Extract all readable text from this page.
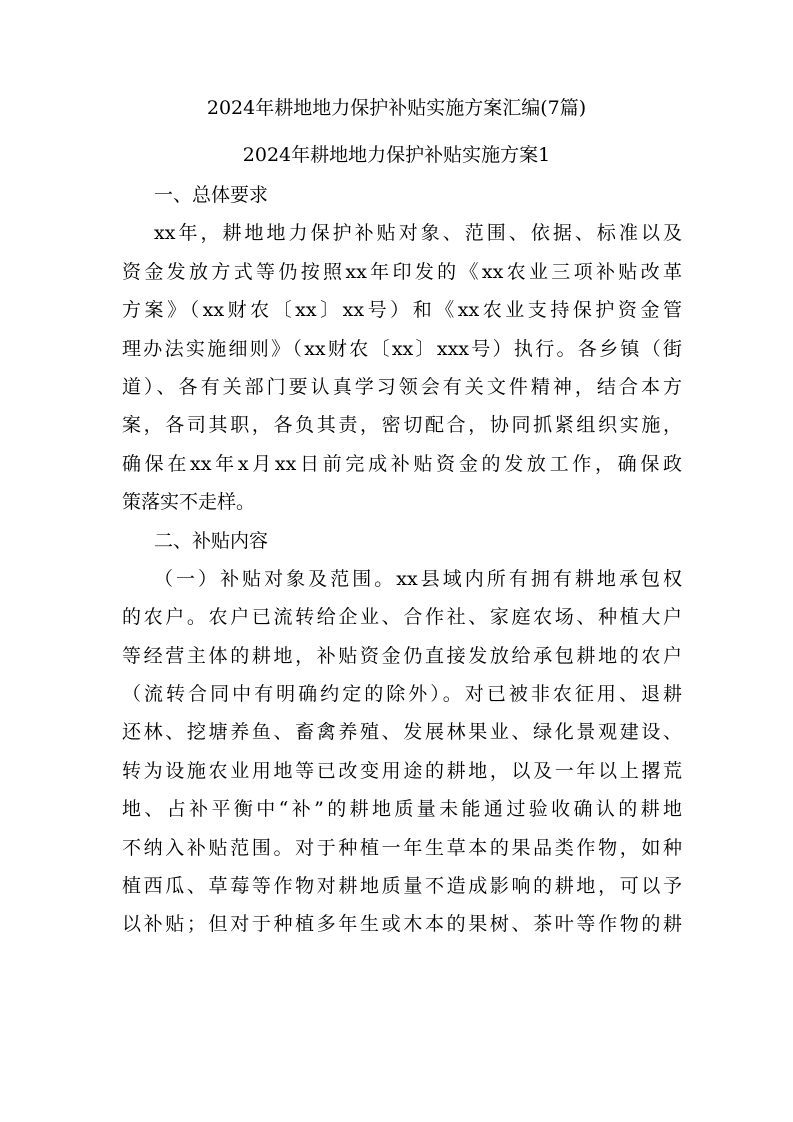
2024年耕地地力保护补贴实施方案汇编(7篇)
2024年耕地地力保护补贴实施方案1
一、总体要求
xx年，耕地地力保护补贴对象、范围、依据、标准以及
资金发放方式等仍按照xx年印发的《xx农业三项补贴改革
方案》（xx财农〔xx〕xx号）和《xx农业支持保护资金管
理办法实施细则》（xx财农〔xx〕xxx号）执行。各乡镇（街
道）、各有关部门要认真学习领会有关文件精神，结合本方
案，各司其职，各负其责，密切配合，协同抓紧组织实施，
确保在xx年x月xx日前完成补贴资金的发放工作，确保政
策落实不走样。
二、补贴内容
（一）补贴对象及范围。xx县域内所有拥有耕地承包权
的农户。农户已流转给企业、合作社、家庭农场、种植大户
等经营主体的耕地，补贴资金仍直接发放给承包耕地的农户
（流转合同中有明确约定的除外）。对已被非农征用、退耕
还林、挖塘养鱼、畜禽养殖、发展林果业、绿化景观建设、
转为设施农业用地等已改变用途的耕地，以及一年以上撂荒
地、占补平衡中“补”的耕地质量未能通过验收确认的耕地
不纳入补贴范围。对于种植一年生草本的果品类作物，如种
植西瓜、草莓等作物对耕地质量不造成影响的耕地，可以予
以补贴；但对于种植多年生或木本的果树、茶叶等作物的耕
